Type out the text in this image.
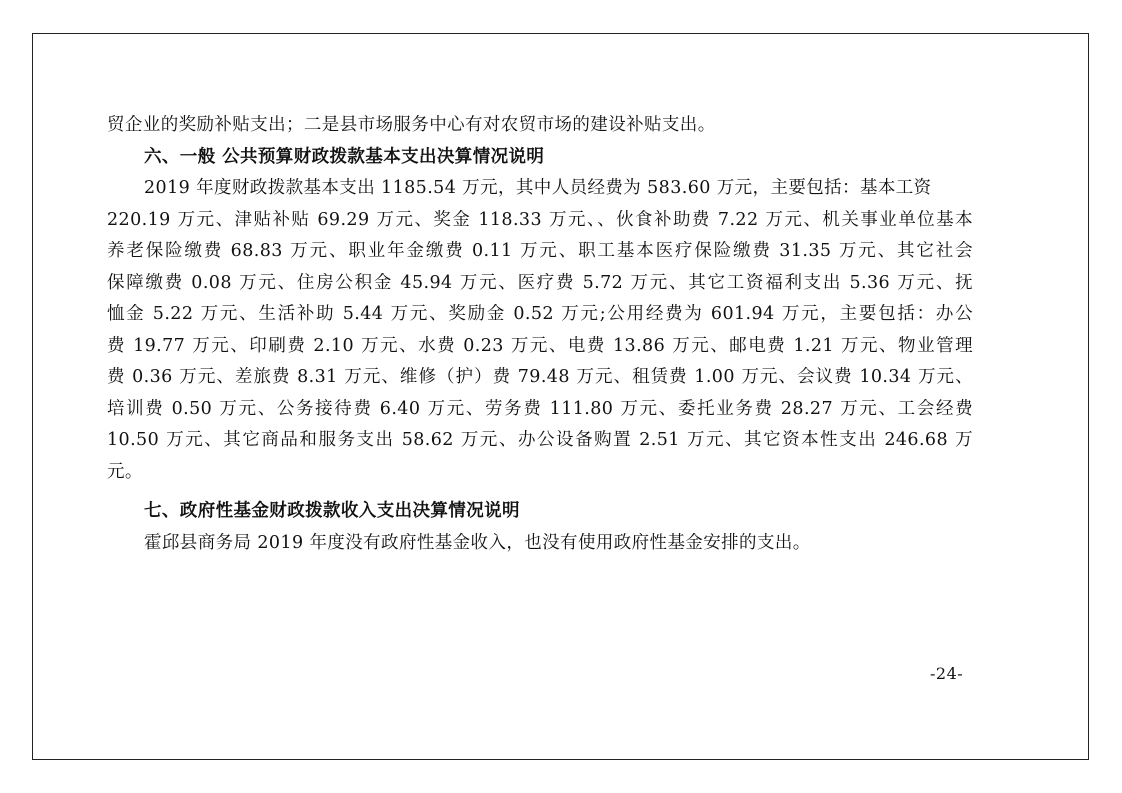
贸企业的奖励补贴支出；二是县市场服务中心有对农贸市场的建设补贴支出。
六、一般 公共预算财政拨款基本支出决算情况说明
2019 年度财政拨款基本支出 1185.54 万元，其中人员经费为 583.60 万元，主要包括：基本工资
220.19 万元、津贴补贴 69.29 万元、奖金 118.33 万元、、伙食补助费 7.22 万元、机关事业单位基本
养老保险缴费 68.83 万元、职业年金缴费 0.11 万元、职工基本医疗保险缴费 31.35 万元、其它社会
保障缴费 0.08 万元、住房公积金 45.94 万元、医疗费 5.72 万元、其它工资福利支出 5.36 万元、抚
恤金 5.22 万元、生活补助 5.44 万元、奖励金 0.52 万元;公用经费为 601.94 万元，主要包括：办公
费 19.77 万元、印刷费 2.10 万元、水费 0.23 万元、电费 13.86 万元、邮电费 1.21 万元、物业管理
费 0.36 万元、差旅费 8.31 万元、维修（护）费 79.48 万元、租赁费 1.00 万元、会议费 10.34 万元、
培训费 0.50 万元、公务接待费 6.40 万元、劳务费 111.80 万元、委托业务费 28.27 万元、工会经费
10.50 万元、其它商品和服务支出 58.62 万元、办公设备购置 2.51 万元、其它资本性支出 246.68 万
元。
七、政府性基金财政拨款收入支出决算情况说明
霍邱县商务局 2019 年度没有政府性基金收入，也没有使用政府性基金安排的支出。
-24-
